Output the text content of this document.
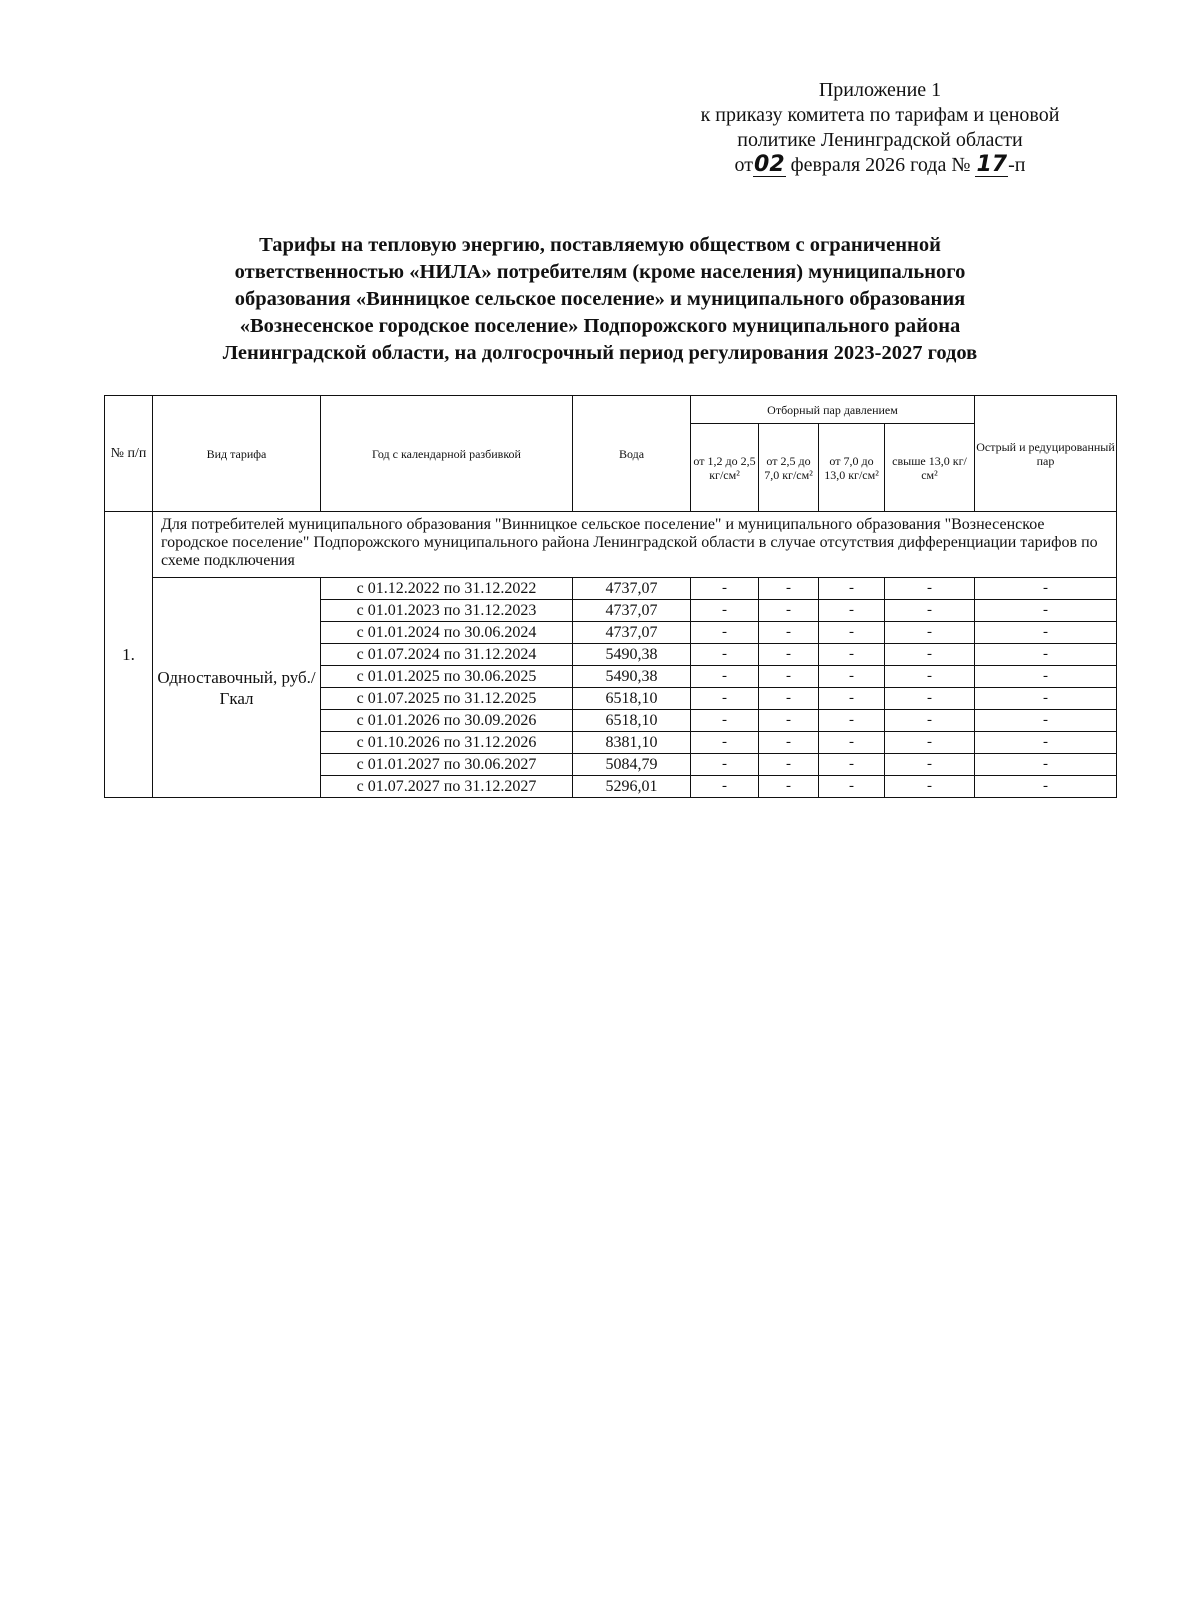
Приложение 1
к приказу комитета по тарифам и ценовой
политике Ленинградской области
от02 февраля 2026 года № 17-п
Тарифы на тепловую энергию, поставляемую обществом с ограниченной
ответственностью «НИЛА» потребителям (кроме населения) муниципального
образования «Винницкое сельское поселение» и муниципального образования
«Вознесенское городское поселение» Подпорожского муниципального района
Ленинградской области, на долгосрочный период регулирования 2023-2027 годов
№ п/п	Вид тарифа	Год с календарной разбивкой	Вода	Отборный пар давлением				Острый и редуцированный пар
				от 1,2 до 2,5 кг/см²	от 2,5 до 7,0 кг/см²	от 7,0 до 13,0 кг/см²	свыше 13,0 кг/см²	
1.	Для потребителей муниципального образования "Винницкое сельское поселение" и муниципального образования "Вознесенское городское поселение" Подпорожского муниципального района Ленинградской области в случае отсутствия дифференциации тарифов по схеме подключения							
	Одноставочный, руб./Гкал	с 01.12.2022 по 31.12.2022	4737,07	-	-	-	-	-
		с 01.01.2023 по 31.12.2023	4737,07	-	-	-	-	-
		с 01.01.2024 по 30.06.2024	4737,07	-	-	-	-	-
		с 01.07.2024 по 31.12.2024	5490,38	-	-	-	-	-
		с 01.01.2025 по 30.06.2025	5490,38	-	-	-	-	-
		с 01.07.2025 по 31.12.2025	6518,10	-	-	-	-	-
		с 01.01.2026 по 30.09.2026	6518,10	-	-	-	-	-
		с 01.10.2026 по 31.12.2026	8381,10	-	-	-	-	-
		с 01.01.2027 по 30.06.2027	5084,79	-	-	-	-	-
		с 01.07.2027 по 31.12.2027	5296,01	-	-	-	-	-
